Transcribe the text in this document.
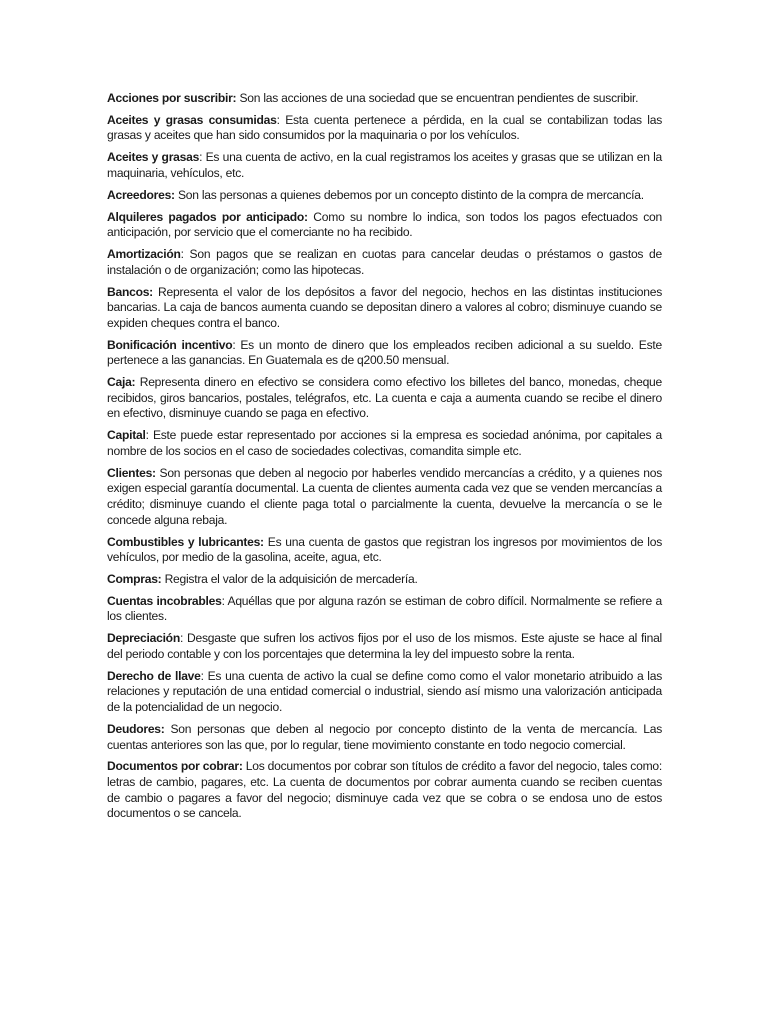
Acciones por suscribir: Son las acciones de una sociedad que se encuentran pendientes de suscribir.

Aceites y grasas consumidas: Esta cuenta pertenece a pérdida, en la cual se contabilizan todas las grasas y aceites que han sido consumidos por la maquinaria o por los vehículos.

Aceites y grasas: Es una cuenta de activo, en la cual registramos los aceites y grasas que se utilizan en la maquinaria, vehículos, etc.

Acreedores: Son las personas a quienes debemos por un concepto distinto de la compra de mercancía.

Alquileres pagados por anticipado: Como su nombre lo indica, son todos los pagos efectuados con anticipación, por servicio que el comerciante no ha recibido.

Amortización: Son pagos que se realizan en cuotas para cancelar deudas o préstamos o gastos de instalación o de organización; como las hipotecas.

Bancos: Representa el valor de los depósitos a favor del negocio, hechos en las distintas instituciones bancarias. La caja de bancos aumenta cuando se depositan dinero a valores al cobro; disminuye cuando se expiden cheques contra el banco.

Bonificación incentivo: Es un monto de dinero que los empleados reciben adicional a su sueldo. Este pertenece a las ganancias. En Guatemala es de q200.50 mensual.

Caja: Representa dinero en efectivo se considera como efectivo los billetes del banco, monedas, cheque recibidos, giros bancarios, postales, telégrafos, etc. La cuenta e caja a aumenta cuando se recibe el dinero en efectivo, disminuye cuando se paga en efectivo.

Capital: Este puede estar representado por acciones si la empresa es sociedad anónima, por capitales a nombre de los socios en el caso de sociedades colectivas, comandita simple etc.

Clientes: Son personas que deben al negocio por haberles vendido mercancías a crédito, y a quienes nos exigen especial garantía documental. La cuenta de clientes aumenta cada vez que se venden mercancías a crédito; disminuye cuando el cliente paga total o parcialmente la cuenta, devuelve la mercancía o se le concede alguna rebaja.

Combustibles y lubricantes: Es una cuenta de gastos que registran los ingresos por movimientos de los vehículos, por medio de la gasolina, aceite, agua, etc.

Compras: Registra el valor de la adquisición de mercadería.

Cuentas incobrables: Aquéllas que por alguna razón se estiman de cobro difícil. Normalmente se refiere a los clientes.

Depreciación: Desgaste que sufren los activos fijos por el uso de los mismos. Este ajuste se hace al final del periodo contable y con los porcentajes que determina la ley del impuesto sobre la renta.

Derecho de llave: Es una cuenta de activo la cual se define como como el valor monetario atribuido a las relaciones y reputación de una entidad comercial o industrial, siendo así mismo una valorización anticipada de la potencialidad de un negocio.

Deudores: Son personas que deben al negocio por concepto distinto de la venta de mercancía. Las cuentas anteriores son las que, por lo regular, tiene movimiento constante en todo negocio comercial.

Documentos por cobrar: Los documentos por cobrar son títulos de crédito a favor del negocio, tales como: letras de cambio, pagares, etc. La cuenta de documentos por cobrar aumenta cuando se reciben cuentas de cambio o pagares a favor del negocio; disminuye cada vez que se cobra o se endosa uno de estos documentos o se cancela.
